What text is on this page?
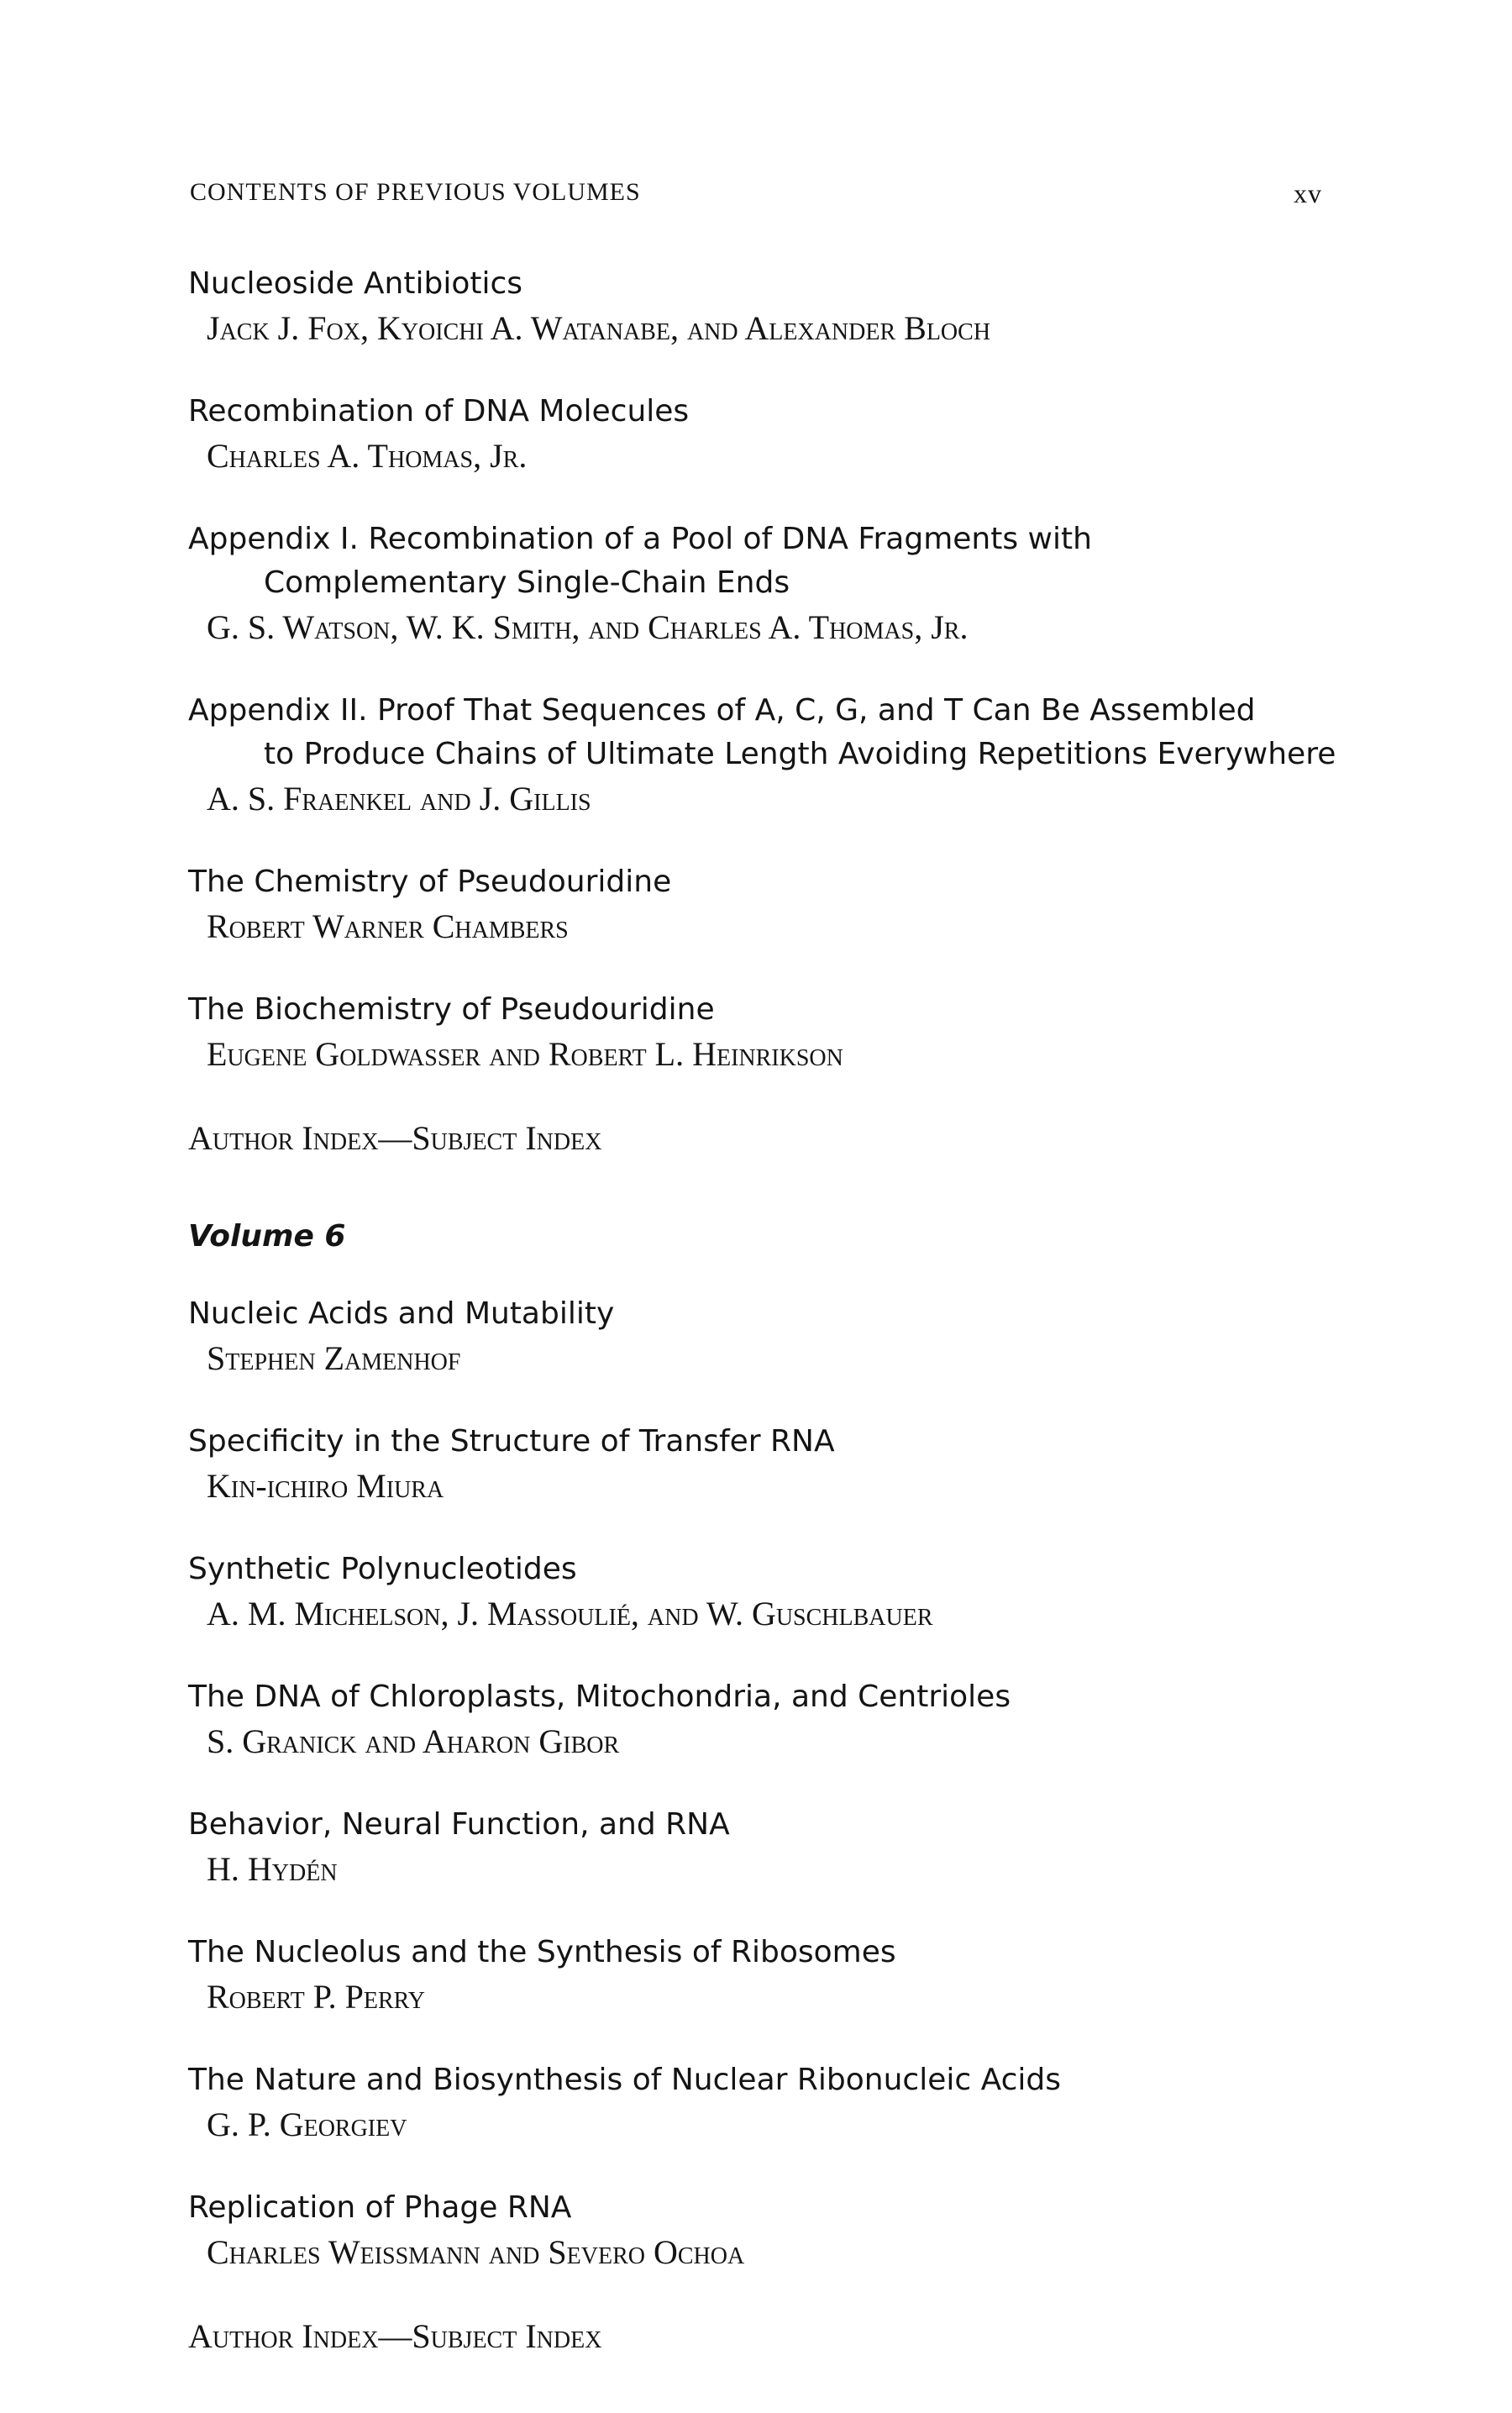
CONTENTS OF PREVIOUS VOLUMES	xv
Nucleoside Antibiotics
Jack J. Fox, Kyoichi A. Watanabe, and Alexander Bloch
Recombination of DNA Molecules
Charles A. Thomas, Jr.
Appendix I. Recombination of a Pool of DNA Fragments with
Complementary Single-Chain Ends
G. S. Watson, W. K. Smith, and Charles A. Thomas, Jr.
Appendix II. Proof That Sequences of A, C, G, and T Can Be Assembled
to Produce Chains of Ultimate Length Avoiding Repetitions Everywhere
A. S. Fraenkel and J. Gillis
The Chemistry of Pseudouridine
Robert Warner Chambers
The Biochemistry of Pseudouridine
Eugene Goldwasser and Robert L. Heinrikson
Author Index—Subject Index
Volume 6
Nucleic Acids and Mutability
Stephen Zamenhof
Specificity in the Structure of Transfer RNA
Kin-ichiro Miura
Synthetic Polynucleotides
A. M. Michelson, J. Massoulié, and W. Guschlbauer
The DNA of Chloroplasts, Mitochondria, and Centrioles
S. Granick and Aharon Gibor
Behavior, Neural Function, and RNA
H. Hydén
The Nucleolus and the Synthesis of Ribosomes
Robert P. Perry
The Nature and Biosynthesis of Nuclear Ribonucleic Acids
G. P. Georgiev
Replication of Phage RNA
Charles Weissmann and Severo Ochoa
Author Index—Subject Index
